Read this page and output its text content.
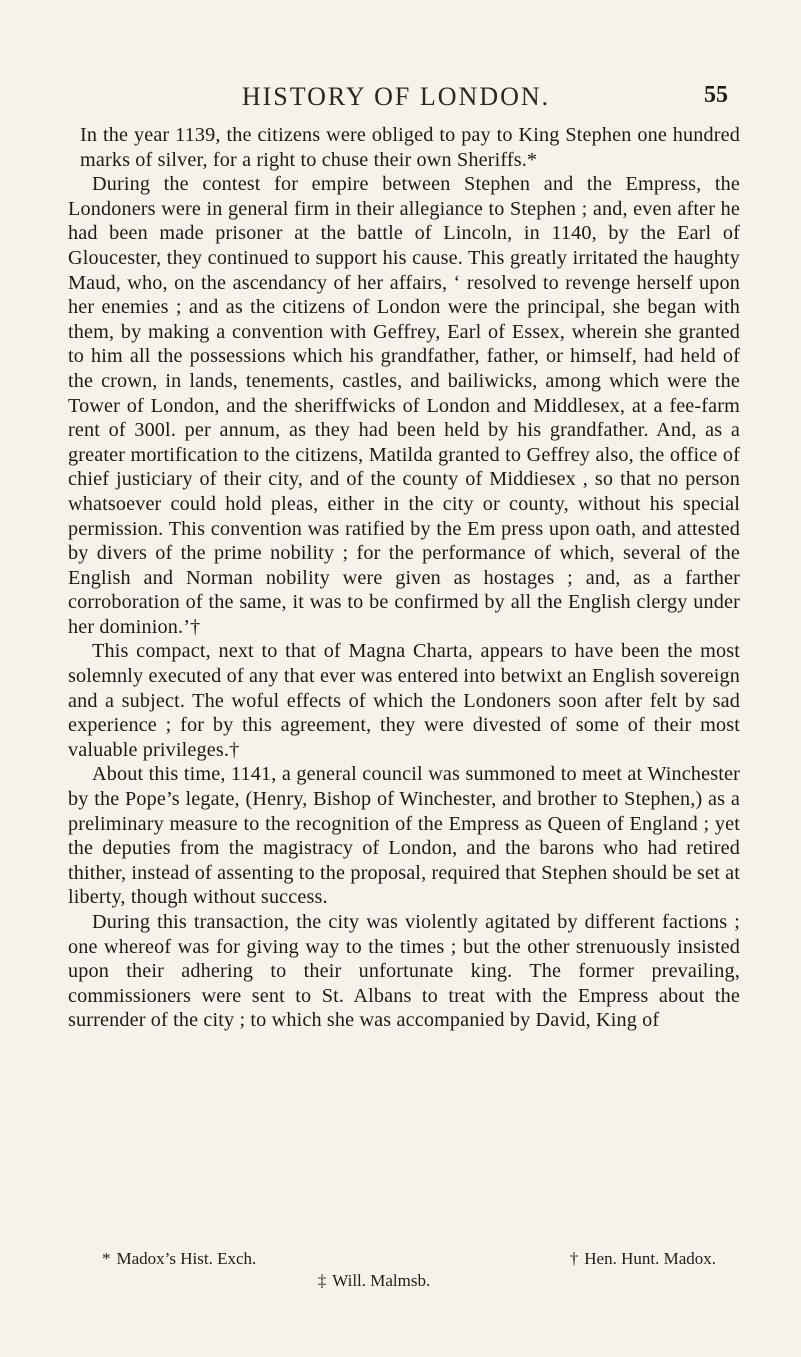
HISTORY OF LONDON.	55

In the year 1139, the citizens were obliged to pay to King Stephen one hundred marks of silver, for a right to chuse their own Sheriffs.*

During the contest for empire between Stephen and the Empress, the Londoners were in general firm in their allegiance to Stephen ; and, even after he had been made prisoner at the battle of Lincoln, in 1140, by the Earl of Gloucester, they continued to support his cause. This greatly irritated the haughty Maud, who, on the ascendancy of her affairs, ‘ resolved to revenge herself upon her enemies ; and as the citizens of London were the principal, she began with them, by making a convention with Geffrey, Earl of Essex, wherein she granted to him all the possessions which his grandfather, father, or himself, had held of the crown, in lands, tenements, castles, and bailiwicks, among which were the Tower of London, and the sheriffwicks of London and Middlesex, at a fee-farm rent of 300l. per annum, as they had been held by his grandfather. And, as a greater mortification to the citizens, Matilda granted to Geffrey also, the office of chief justiciary of their city, and of the county of Middiesex , so that no person whatsoever could hold pleas, either in the city or county, without his special permission. This convention was ratified by the Em press upon oath, and attested by divers of the prime nobility ; for the performance of which, several of the English and Norman nobility were given as hostages ; and, as a farther corroboration of the same, it was to be confirmed by all the English clergy under her dominion.’†

This compact, next to that of Magna Charta, appears to have been the most solemnly executed of any that ever was entered into betwixt an English sovereign and a subject. The woful effects of which the Londoners soon after felt by sad experience ; for by this agreement, they were divested of some of their most valuable privileges.†

About this time, 1141, a general council was summoned to meet at Winchester by the Pope’s legate, (Henry, Bishop of Winchester, and brother to Stephen,) as a preliminary measure to the recognition of the Empress as Queen of England ; yet the deputies from the magistracy of London, and the barons who had retired thither, instead of assenting to the proposal, required that Stephen should be set at liberty, though without success.

During this transaction, the city was violently agitated by different factions ; one whereof was for giving way to the times ; but the other strenuously insisted upon their adhering to their unfortunate king. The former prevailing, commissioners were sent to St. Albans to treat with the Empress about the surrender of the city ; to which she was accompanied by David, King of

* Madox’s Hist. Exch.	† Hen. Hunt. Madox.
‡ Will. Malmsb.
